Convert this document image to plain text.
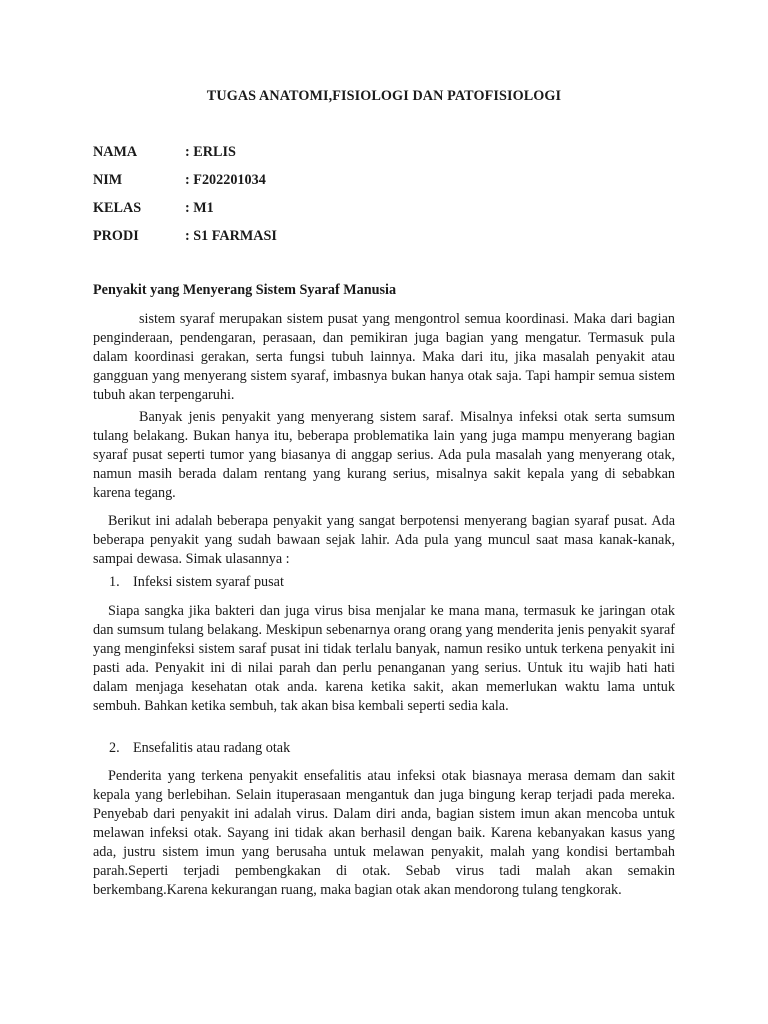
TUGAS ANATOMI,FISIOLOGI DAN PATOFISIOLOGI
NAMA	: ERLIS
NIM	: F202201034
KELAS	: M1
PRODI	: S1 FARMASI
Penyakit yang Menyerang Sistem Syaraf Manusia

sistem syaraf merupakan sistem pusat yang mengontrol semua koordinasi. Maka dari bagian penginderaan, pendengaran, perasaan, dan pemikiran juga bagian yang mengatur. Termasuk pula dalam koordinasi gerakan, serta fungsi tubuh lainnya. Maka dari itu, jika masalah penyakit atau gangguan yang menyerang sistem syaraf, imbasnya bukan hanya otak saja. Tapi hampir semua sistem tubuh akan terpengaruhi.

Banyak jenis penyakit yang menyerang sistem saraf. Misalnya infeksi otak serta sumsum tulang belakang. Bukan hanya itu, beberapa problematika lain yang juga mampu menyerang bagian syaraf pusat seperti tumor yang biasanya di anggap serius. Ada pula masalah yang menyerang otak, namun masih berada dalam rentang yang kurang serius, misalnya sakit kepala yang di sebabkan karena tegang.

Berikut ini adalah beberapa penyakit yang sangat berpotensi menyerang bagian syaraf pusat. Ada beberapa penyakit yang sudah bawaan sejak lahir. Ada pula yang muncul saat masa kanak-kanak, sampai dewasa. Simak ulasannya :

1. Infeksi sistem syaraf pusat

Siapa sangka jika bakteri dan juga virus bisa menjalar ke mana mana, termasuk ke jaringan otak dan sumsum tulang belakang. Meskipun sebenarnya orang orang yang menderita jenis penyakit syaraf yang menginfeksi sistem saraf pusat ini tidak terlalu banyak, namun resiko untuk terkena penyakit ini pasti ada. Penyakit ini di nilai parah dan perlu penanganan yang serius. Untuk itu wajib hati hati dalam menjaga kesehatan otak anda. karena ketika sakit, akan memerlukan waktu lama untuk sembuh. Bahkan ketika sembuh, tak akan bisa kembali seperti sedia kala.

2. Ensefalitis atau radang otak

Penderita yang terkena penyakit ensefalitis atau infeksi otak biasnaya merasa demam dan sakit kepala yang berlebihan. Selain ituperasaan mengantuk dan juga bingung kerap terjadi pada mereka. Penyebab dari penyakit ini adalah virus. Dalam diri anda, bagian sistem imun akan mencoba untuk melawan infeksi otak. Sayang ini tidak akan berhasil dengan baik. Karena kebanyakan kasus yang ada, justru sistem imun yang berusaha untuk melawan penyakit, malah yang kondisi bertambah parah.Seperti terjadi pembengkakan di otak. Sebab virus tadi malah akan semakin berkembang.Karena kekurangan ruang, maka bagian otak akan mendorong tulang tengkorak.
